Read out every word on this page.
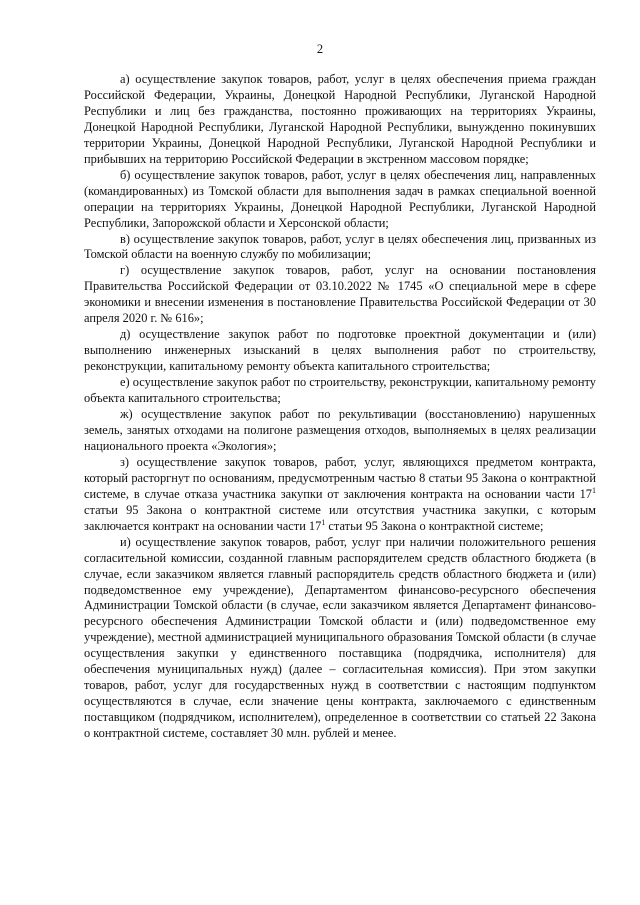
2

а) осуществление закупок товаров, работ, услуг в целях обеспечения приема граждан Российской Федерации, Украины, Донецкой Народной Республики, Луганской Народной Республики и лиц без гражданства, постоянно проживающих на территориях Украины, Донецкой Народной Республики, Луганской Народной Республики, вынужденно покинувших территории Украины, Донецкой Народной Республики, Луганской Народной Республики и прибывших на территорию Российской Федерации в экстренном массовом порядке;

б) осуществление закупок товаров, работ, услуг в целях обеспечения лиц, направленных (командированных) из Томской области для выполнения задач в рамках специальной военной операции на территориях Украины, Донецкой Народной Республики, Луганской Народной Республики, Запорожской области и Херсонской области;

в) осуществление закупок товаров, работ, услуг в целях обеспечения лиц, призванных из Томской области на военную службу по мобилизации;

г) осуществление закупок товаров, работ, услуг на основании постановления Правительства Российской Федерации от 03.10.2022 № 1745 «О специальной мере в сфере экономики и внесении изменения в постановление Правительства Российской Федерации от 30 апреля 2020 г. № 616»;

д) осуществление закупок работ по подготовке проектной документации и (или) выполнению инженерных изысканий в целях выполнения работ по строительству, реконструкции, капитальному ремонту объекта капитального строительства;

е) осуществление закупок работ по строительству, реконструкции, капитальному ремонту объекта капитального строительства;

ж) осуществление закупок работ по рекультивации (восстановлению) нарушенных земель, занятых отходами на полигоне размещения отходов, выполняемых в целях реализации национального проекта «Экология»;

з) осуществление закупок товаров, работ, услуг, являющихся предметом контракта, который расторгнут по основаниям, предусмотренным частью 8 статьи 95 Закона о контрактной системе, в случае отказа участника закупки от заключения контракта на основании части $17^1$ статьи 95 Закона о контрактной системе или отсутствия участника закупки, с которым заключается контракт на основании части $17^1$ статьи 95 Закона о контрактной системе;

и) осуществление закупок товаров, работ, услуг при наличии положительного решения согласительной комиссии, созданной главным распорядителем средств областного бюджета (в случае, если заказчиком является главный распорядитель средств областного бюджета и (или) подведомственное ему учреждение), Департаментом финансово-ресурсного обеспечения Администрации Томской области (в случае, если заказчиком является Департамент финансово-ресурсного обеспечения Администрации Томской области и (или) подведомственное ему учреждение), местной администрацией муниципального образования Томской области (в случае осуществления закупки у единственного поставщика (подрядчика, исполнителя) для обеспечения муниципальных нужд) (далее – согласительная комиссия). При этом закупки товаров, работ, услуг для государственных нужд в соответствии с настоящим подпунктом осуществляются в случае, если значение цены контракта, заключаемого с единственным поставщиком (подрядчиком, исполнителем), определенное в соответствии со статьей 22 Закона о контрактной системе, составляет 30 млн. рублей и менее.
